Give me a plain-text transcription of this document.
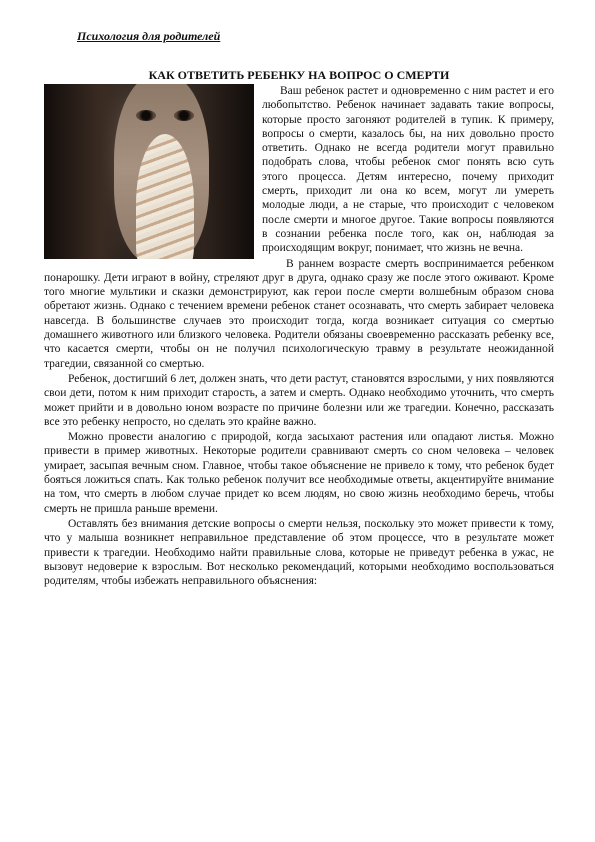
Психология для родителей
КАК ОТВЕТИТЬ РЕБЕНКУ НА ВОПРОС О СМЕРТИ

Ваш ребенок растет и одновременно с ним растет и его любопытство. Ребенок начинает задавать такие вопросы, которые просто загоняют родителей в тупик. К примеру, вопросы о смерти, казалось бы, на них довольно просто ответить. Однако не всегда родители могут правильно подобрать слова, чтобы ребенок смог понять всю суть этого процесса. Детям интересно, почему приходит смерть, приходит ли она ко всем, могут ли умереть молодые люди, а не старые, что происходит с человеком после смерти и многое другое. Такие вопросы появляются в сознании ребенка после того, как он, наблюдая за происходящим вокруг, понимает, что жизнь не вечна.

В раннем возрасте смерть воспринимается ребенком понарошку. Дети играют в войну, стреляют друг в друга, однако сразу же после этого оживают. Кроме того многие мультики и сказки демонстрируют, как герои после смерти волшебным образом снова обретают жизнь. Однако с течением времени ребенок станет осознавать, что смерть забирает человека навсегда. В большинстве случаев это происходит тогда, когда возникает ситуация со смертью домашнего животного или близкого человека. Родители обязаны своевременно рассказать ребенку все, что касается смерти, чтобы он не получил психологическую травму в результате неожиданной трагедии, связанной со смертью.

Ребенок, достигший 6 лет, должен знать, что дети растут, становятся взрослыми, у них появляются свои дети, потом к ним приходит старость, а затем и смерть. Однако необходимо уточнить, что смерть может прийти и в довольно юном возрасте по причине болезни или же трагедии. Конечно, рассказать все это ребенку непросто, но сделать это крайне важно.

Можно провести аналогию с природой, когда засыхают растения или опадают листья. Можно привести в пример животных. Некоторые родители сравнивают смерть со сном человека – человек умирает, засыпая вечным сном. Главное, чтобы такое объяснение не привело к тому, что ребенок будет бояться ложиться спать. Как только ребенок получит все необходимые ответы, акцентируйте внимание на том, что смерть в любом случае придет ко всем людям, но свою жизнь необходимо беречь, чтобы смерть не пришла раньше времени.

Оставлять без внимания детские вопросы о смерти нельзя, поскольку это может привести к тому, что у малыша возникнет неправильное представление об этом процессе, что в результате может привести к трагедии. Необходимо найти правильные слова, которые не приведут ребенка в ужас, не вызовут недоверие к взрослым. Вот несколько рекомендаций, которыми необходимо воспользоваться родителям, чтобы избежать неправильного объяснения:
